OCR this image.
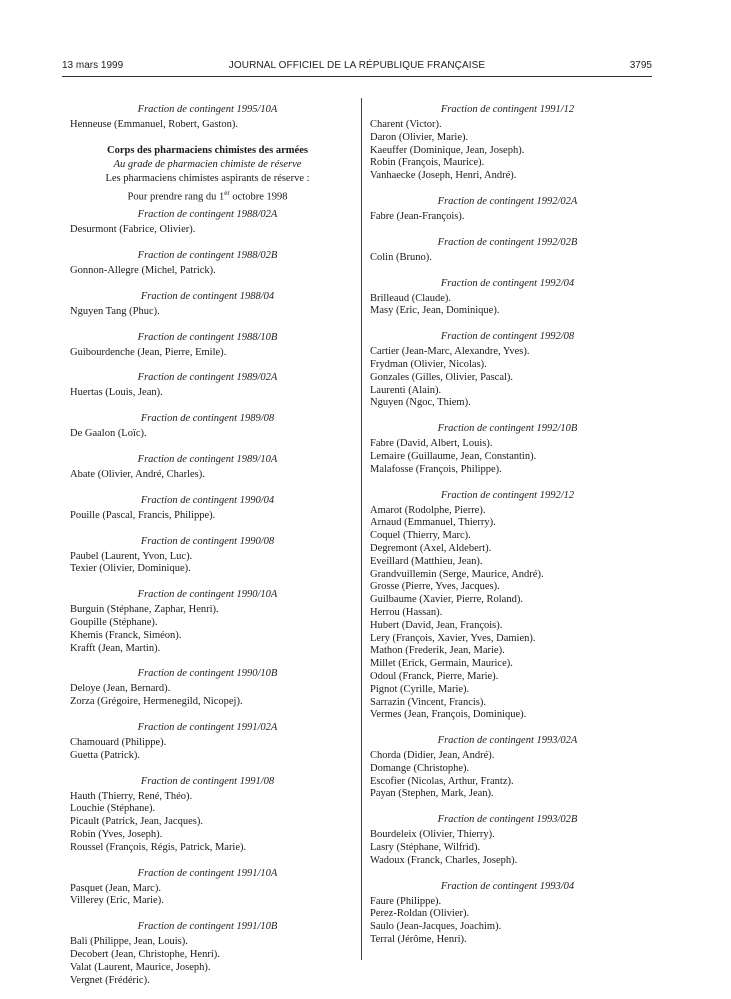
13 mars 1999	JOURNAL OFFICIEL DE LA RÉPUBLIQUE FRANÇAISE	3795
Fraction de contingent 1995/10A
Henneuse (Emmanuel, Robert, Gaston).
Corps des pharmaciens chimistes des armées
Au grade de pharmacien chimiste de réserve
Les pharmaciens chimistes aspirants de réserve :
Pour prendre rang du 1er octobre 1998
Fraction de contingent 1988/02A
Desurmont (Fabrice, Olivier).
Fraction de contingent 1988/02B
Gonnon-Allegre (Michel, Patrick).
Fraction de contingent 1988/04
Nguyen Tang (Phuc).
Fraction de contingent 1988/10B
Guibourdenche (Jean, Pierre, Emile).
Fraction de contingent 1989/02A
Huertas (Louis, Jean).
Fraction de contingent 1989/08
De Gaalon (Loïc).
Fraction de contingent 1989/10A
Abate (Olivier, André, Charles).
Fraction de contingent 1990/04
Pouille (Pascal, Francis, Philippe).
Fraction de contingent 1990/08
Paubel (Laurent, Yvon, Luc).
Texier (Olivier, Dominique).
Fraction de contingent 1990/10A
Burguin (Stéphane, Zaphar, Henri).
Goupille (Stéphane).
Khemis (Franck, Siméon).
Krafft (Jean, Martin).
Fraction de contingent 1990/10B
Deloye (Jean, Bernard).
Zorza (Grégoire, Hermenegild, Nicopej).
Fraction de contingent 1991/02A
Chamouard (Philippe).
Guetta (Patrick).
Fraction de contingent 1991/08
Hauth (Thierry, René, Théo).
Louchie (Stéphane).
Picault (Patrick, Jean, Jacques).
Robin (Yves, Joseph).
Roussel (François, Régis, Patrick, Marie).
Fraction de contingent 1991/10A
Pasquet (Jean, Marc).
Villerey (Eric, Marie).
Fraction de contingent 1991/10B
Bali (Philippe, Jean, Louis).
Decobert (Jean, Christophe, Henri).
Valat (Laurent, Maurice, Joseph).
Vergnet (Frédéric).
Fraction de contingent 1991/12
Charent (Victor).
Daron (Olivier, Marie).
Kaeuffer (Dominique, Jean, Joseph).
Robin (François, Maurice).
Vanhaecke (Joseph, Henri, André).
Fraction de contingent 1992/02A
Fabre (Jean-François).
Fraction de contingent 1992/02B
Colin (Bruno).
Fraction de contingent 1992/04
Brilleaud (Claude).
Masy (Eric, Jean, Dominique).
Fraction de contingent 1992/08
Cartier (Jean-Marc, Alexandre, Yves).
Frydman (Olivier, Nicolas).
Gonzales (Gilles, Olivier, Pascal).
Laurenti (Alain).
Nguyen (Ngoc, Thiem).
Fraction de contingent 1992/10B
Fabre (David, Albert, Louis).
Lemaire (Guillaume, Jean, Constantin).
Malafosse (François, Philippe).
Fraction de contingent 1992/12
Amarot (Rodolphe, Pierre).
Arnaud (Emmanuel, Thierry).
Coquel (Thierry, Marc).
Degremont (Axel, Aldebert).
Eveillard (Matthieu, Jean).
Grandvuillemin (Serge, Maurice, André).
Grosse (Pierre, Yves, Jacques).
Guilbaume (Xavier, Pierre, Roland).
Herrou (Hassan).
Hubert (David, Jean, François).
Lery (François, Xavier, Yves, Damien).
Mathon (Frederik, Jean, Marie).
Millet (Erick, Germain, Maurice).
Odoul (Franck, Pierre, Marie).
Pignot (Cyrille, Marie).
Sarrazin (Vincent, Francis).
Vermes (Jean, François, Dominique).
Fraction de contingent 1993/02A
Chorda (Didier, Jean, André).
Domange (Christophe).
Escofier (Nicolas, Arthur, Frantz).
Payan (Stephen, Mark, Jean).
Fraction de contingent 1993/02B
Bourdeleix (Olivier, Thierry).
Lasry (Stéphane, Wilfrid).
Wadoux (Franck, Charles, Joseph).
Fraction de contingent 1993/04
Faure (Philippe).
Perez-Roldan (Olivier).
Saulo (Jean-Jacques, Joachim).
Terral (Jérôme, Henri).
